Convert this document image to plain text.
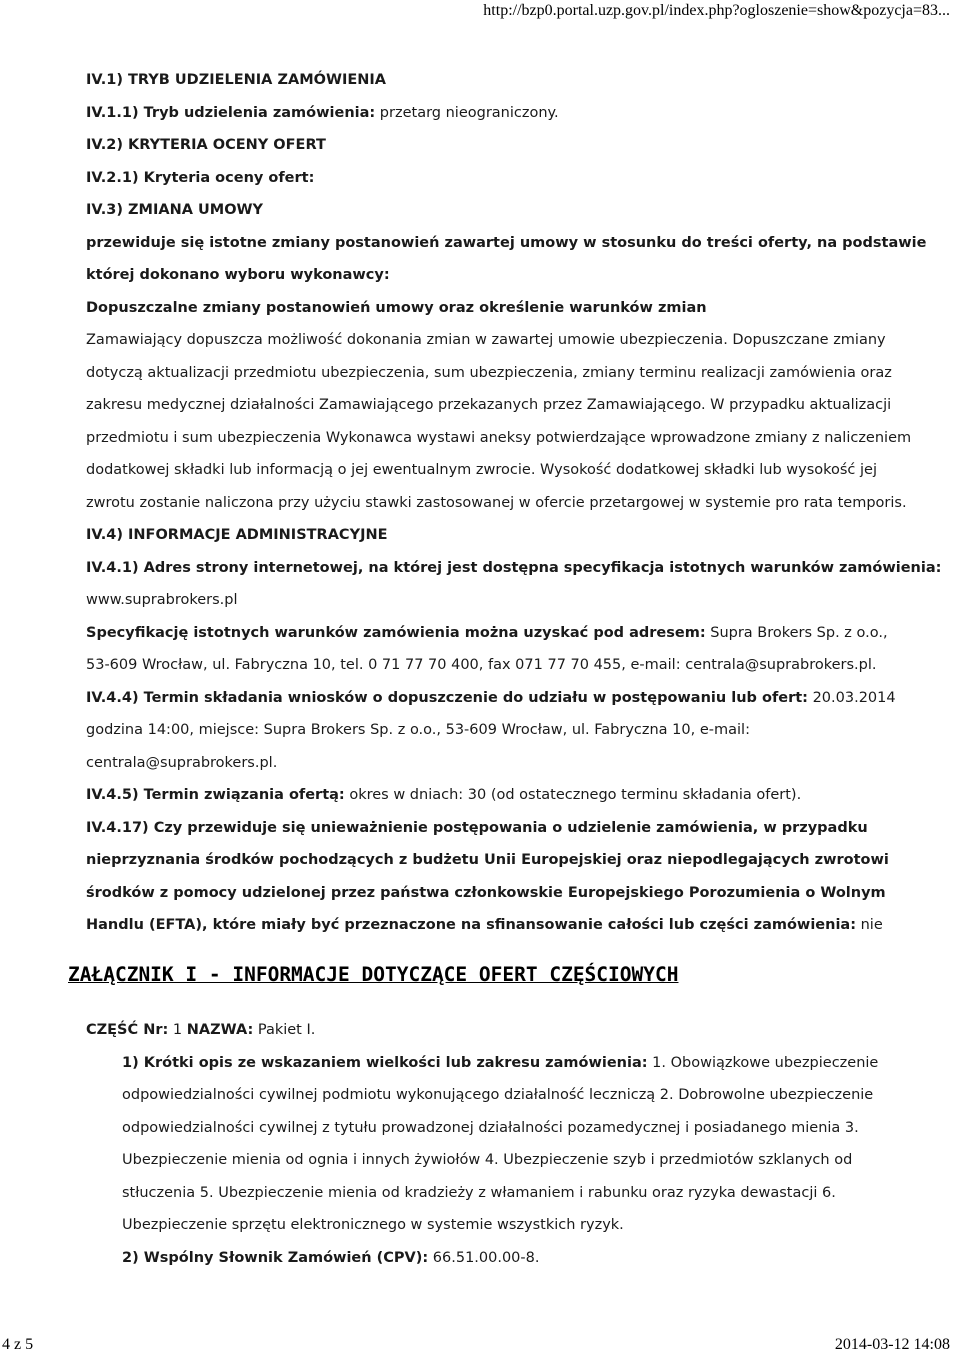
http://bzp0.portal.uzp.gov.pl/index.php?ogloszenie=show&pozycja=83...
IV.1) TRYB UDZIELENIA ZAMÓWIENIA
IV.1.1) Tryb udzielenia zamówienia: przetarg nieograniczony.
IV.2) KRYTERIA OCENY OFERT
IV.2.1) Kryteria oceny ofert:
IV.3) ZMIANA UMOWY
przewiduje się istotne zmiany postanowień zawartej umowy w stosunku do treści oferty, na podstawie
której dokonano wyboru wykonawcy:
Dopuszczalne zmiany postanowień umowy oraz określenie warunków zmian
Zamawiający dopuszcza możliwość dokonania zmian w zawartej umowie ubezpieczenia. Dopuszczane zmiany
dotyczą aktualizacji przedmiotu ubezpieczenia, sum ubezpieczenia, zmiany terminu realizacji zamówienia oraz
zakresu medycznej działalności Zamawiającego przekazanych przez Zamawiającego. W przypadku aktualizacji
przedmiotu i sum ubezpieczenia Wykonawca wystawi aneksy potwierdzające wprowadzone zmiany z naliczeniem
dodatkowej składki lub informacją o jej ewentualnym zwrocie. Wysokość dodatkowej składki lub wysokość jej
zwrotu zostanie naliczona przy użyciu stawki zastosowanej w ofercie przetargowej w systemie pro rata temporis.
IV.4) INFORMACJE ADMINISTRACYJNE
IV.4.1) Adres strony internetowej, na której jest dostępna specyfikacja istotnych warunków zamówienia:
www.suprabrokers.pl
Specyfikację istotnych warunków zamówienia można uzyskać pod adresem: Supra Brokers Sp. z o.o.,
53-609 Wrocław, ul. Fabryczna 10, tel. 0 71 77 70 400, fax 071 77 70 455, e-mail: centrala@suprabrokers.pl.
IV.4.4) Termin składania wniosków o dopuszczenie do udziału w postępowaniu lub ofert: 20.03.2014
godzina 14:00, miejsce: Supra Brokers Sp. z o.o., 53-609 Wrocław, ul. Fabryczna 10, e-mail:
centrala@suprabrokers.pl.
IV.4.5) Termin związania ofertą: okres w dniach: 30 (od ostatecznego terminu składania ofert).
IV.4.17) Czy przewiduje się unieważnienie postępowania o udzielenie zamówienia, w przypadku
nieprzyznania środków pochodzących z budżetu Unii Europejskiej oraz niepodlegających zwrotowi
środków z pomocy udzielonej przez państwa członkowskie Europejskiego Porozumienia o Wolnym
Handlu (EFTA), które miały być przeznaczone na sfinansowanie całości lub części zamówienia: nie
ZAŁĄCZNIK I - INFORMACJE DOTYCZĄCE OFERT CZĘŚCIOWYCH
CZĘŚĆ Nr: 1 NAZWA: Pakiet I.
1) Krótki opis ze wskazaniem wielkości lub zakresu zamówienia: 1. Obowiązkowe ubezpieczenie
odpowiedzialności cywilnej podmiotu wykonującego działalność leczniczą 2. Dobrowolne ubezpieczenie
odpowiedzialności cywilnej z tytułu prowadzonej działalności pozamedycznej i posiadanego mienia 3.
Ubezpieczenie mienia od ognia i innych żywiołów 4. Ubezpieczenie szyb i przedmiotów szklanych od
stłuczenia 5. Ubezpieczenie mienia od kradzieży z włamaniem i rabunku oraz ryzyka dewastacji 6.
Ubezpieczenie sprzętu elektronicznego w systemie wszystkich ryzyk.
2) Wspólny Słownik Zamówień (CPV): 66.51.00.00-8.
4 z 5	2014-03-12 14:08
